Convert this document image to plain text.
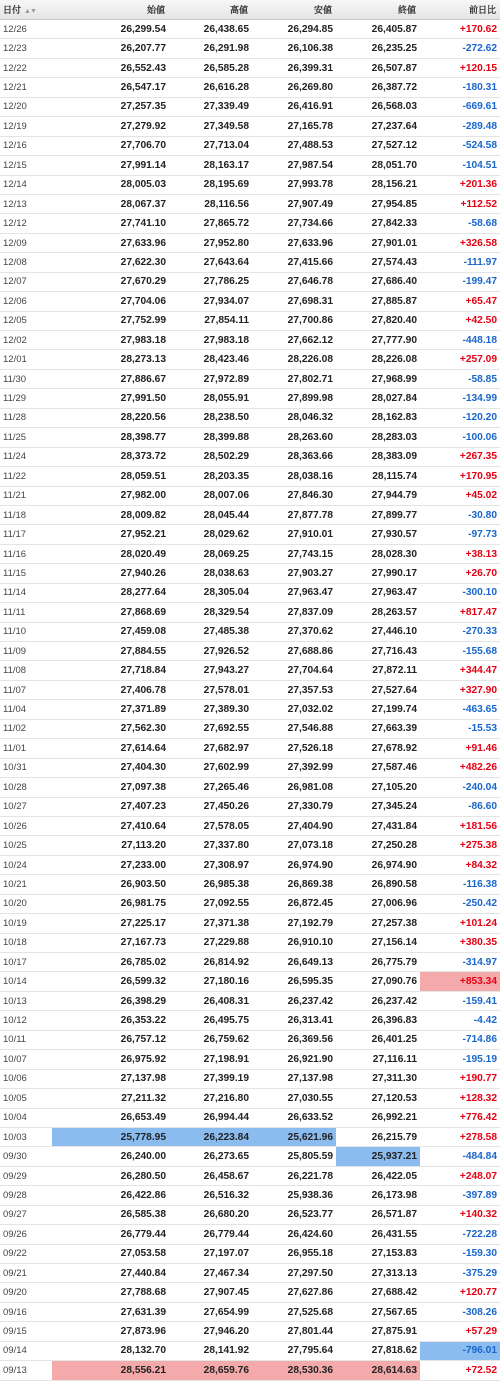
日付 ▲▼	始値	高値	安値	終値	前日比
12/26	26,299.54	26,438.65	26,294.85	26,405.87	+170.62
12/23	26,207.77	26,291.98	26,106.38	26,235.25	-272.62
12/22	26,552.43	26,585.28	26,399.31	26,507.87	+120.15
12/21	26,547.17	26,616.28	26,269.80	26,387.72	-180.31
12/20	27,257.35	27,339.49	26,416.91	26,568.03	-669.61
12/19	27,279.92	27,349.58	27,165.78	27,237.64	-289.48
12/16	27,706.70	27,713.04	27,488.53	27,527.12	-524.58
12/15	27,991.14	28,163.17	27,987.54	28,051.70	-104.51
12/14	28,005.03	28,195.69	27,993.78	28,156.21	+201.36
12/13	28,067.37	28,116.56	27,907.49	27,954.85	+112.52
12/12	27,741.10	27,865.72	27,734.66	27,842.33	-58.68
12/09	27,633.96	27,952.80	27,633.96	27,901.01	+326.58
12/08	27,622.30	27,643.64	27,415.66	27,574.43	-111.97
12/07	27,670.29	27,786.25	27,646.78	27,686.40	-199.47
12/06	27,704.06	27,934.07	27,698.31	27,885.87	+65.47
12/05	27,752.99	27,854.11	27,700.86	27,820.40	+42.50
12/02	27,983.18	27,983.18	27,662.12	27,777.90	-448.18
12/01	28,273.13	28,423.46	28,226.08	28,226.08	+257.09
11/30	27,886.67	27,972.89	27,802.71	27,968.99	-58.85
11/29	27,991.50	28,055.91	27,899.98	28,027.84	-134.99
11/28	28,220.56	28,238.50	28,046.32	28,162.83	-120.20
11/25	28,398.77	28,399.88	28,263.60	28,283.03	-100.06
11/24	28,373.72	28,502.29	28,363.66	28,383.09	+267.35
11/22	28,059.51	28,203.35	28,038.16	28,115.74	+170.95
11/21	27,982.00	28,007.06	27,846.30	27,944.79	+45.02
11/18	28,009.82	28,045.44	27,877.78	27,899.77	-30.80
11/17	27,952.21	28,029.62	27,910.01	27,930.57	-97.73
11/16	28,020.49	28,069.25	27,743.15	28,028.30	+38.13
11/15	27,940.26	28,038.63	27,903.27	27,990.17	+26.70
11/14	28,277.64	28,305.04	27,963.47	27,963.47	-300.10
11/11	27,868.69	28,329.54	27,837.09	28,263.57	+817.47
11/10	27,459.08	27,485.38	27,370.62	27,446.10	-270.33
11/09	27,884.55	27,926.52	27,688.86	27,716.43	-155.68
11/08	27,718.84	27,943.27	27,704.64	27,872.11	+344.47
11/07	27,406.78	27,578.01	27,357.53	27,527.64	+327.90
11/04	27,371.89	27,389.30	27,032.02	27,199.74	-463.65
11/02	27,562.30	27,692.55	27,546.88	27,663.39	-15.53
11/01	27,614.64	27,682.97	27,526.18	27,678.92	+91.46
10/31	27,404.30	27,602.99	27,392.99	27,587.46	+482.26
10/28	27,097.38	27,265.46	26,981.08	27,105.20	-240.04
10/27	27,407.23	27,450.26	27,330.79	27,345.24	-86.60
10/26	27,410.64	27,578.05	27,404.90	27,431.84	+181.56
10/25	27,113.20	27,337.80	27,073.18	27,250.28	+275.38
10/24	27,233.00	27,308.97	26,974.90	26,974.90	+84.32
10/21	26,903.50	26,985.38	26,869.38	26,890.58	-116.38
10/20	26,981.75	27,092.55	26,872.45	27,006.96	-250.42
10/19	27,225.17	27,371.38	27,192.79	27,257.38	+101.24
10/18	27,167.73	27,229.88	26,910.10	27,156.14	+380.35
10/17	26,785.02	26,814.92	26,649.13	26,775.79	-314.97
10/14	26,599.32	27,180.16	26,595.35	27,090.76	+853.34
10/13	26,398.29	26,408.31	26,237.42	26,237.42	-159.41
10/12	26,353.22	26,495.75	26,313.41	26,396.83	-4.42
10/11	26,757.12	26,759.62	26,369.56	26,401.25	-714.86
10/07	26,975.92	27,198.91	26,921.90	27,116.11	-195.19
10/06	27,137.98	27,399.19	27,137.98	27,311.30	+190.77
10/05	27,211.32	27,216.80	27,030.55	27,120.53	+128.32
10/04	26,653.49	26,994.44	26,633.52	26,992.21	+776.42
10/03	25,778.95	26,223.84	25,621.96	26,215.79	+278.58
09/30	26,240.00	26,273.65	25,805.59	25,937.21	-484.84
09/29	26,280.50	26,458.67	26,221.78	26,422.05	+248.07
09/28	26,422.86	26,516.32	25,938.36	26,173.98	-397.89
09/27	26,585.38	26,680.20	26,523.77	26,571.87	+140.32
09/26	26,779.44	26,779.44	26,424.60	26,431.55	-722.28
09/22	27,053.58	27,197.07	26,955.18	27,153.83	-159.30
09/21	27,440.84	27,467.34	27,297.50	27,313.13	-375.29
09/20	27,788.68	27,907.45	27,627.86	27,688.42	+120.77
09/16	27,631.39	27,654.99	27,525.68	27,567.65	-308.26
09/15	27,873.96	27,946.20	27,801.44	27,875.91	+57.29
09/14	28,132.70	28,141.92	27,795.64	27,818.62	-796.01
09/13	28,556.21	28,659.76	28,530.36	28,614.63	+72.52
